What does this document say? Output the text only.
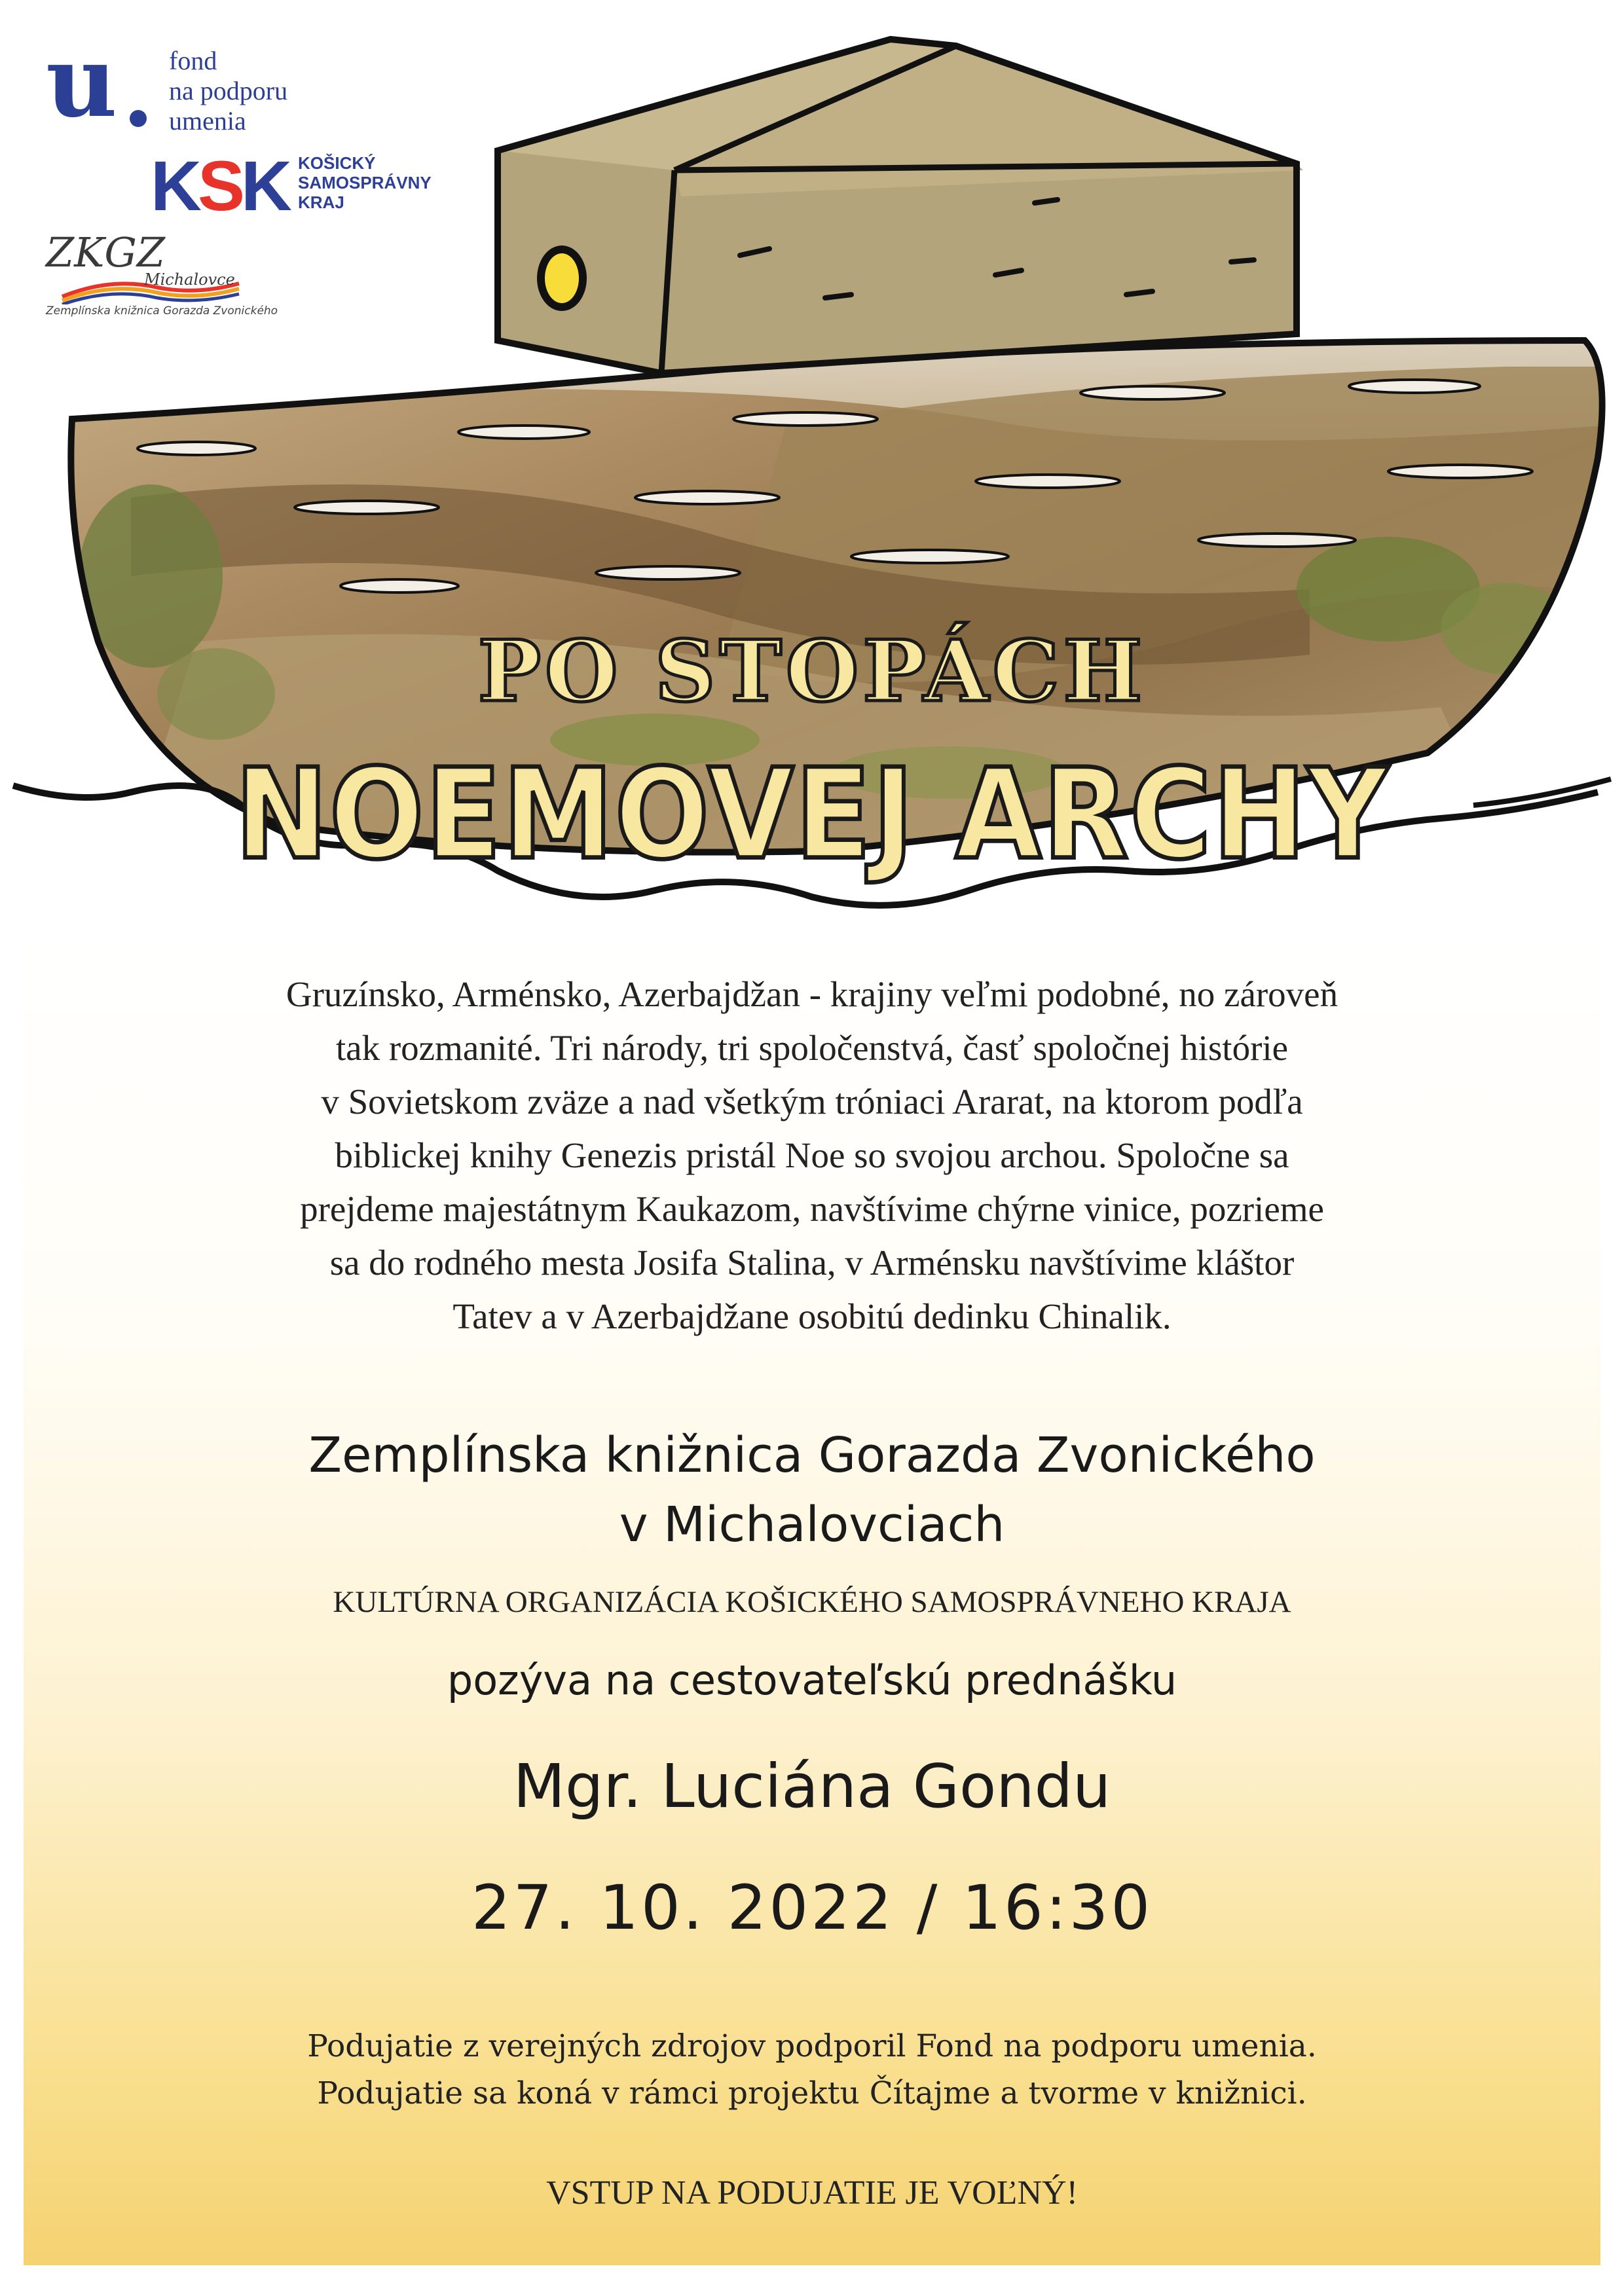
u fond
na podporu
umenia
KSK KOŠICKÝ
SAMOSPRÁVNY
KRAJ
ZKGZ
Michalovce
Zemplínska knižnica Gorazda Zvonického
PO STOPÁCH
NOEMOVEJ ARCHY
Gruzínsko, Arménsko, Azerbajdžan - krajiny veľmi podobné, no zároveň
tak rozmanité. Tri národy, tri spoločenstvá, časť spoločnej histórie
v Sovietskom zväze a nad všetkým tróniaci Ararat, na ktorom podľa
biblickej knihy Genezis pristál Noe so svojou archou. Spoločne sa
prejdeme majestátnym Kaukazom, navštívime chýrne vinice, pozrieme
sa do rodného mesta Josifa Stalina, v Arménsku navštívime kláštor
Tatev a v Azerbajdžane osobitú dedinku Chinalik.
Zemplínska knižnica Gorazda Zvonického
v Michalovciach
KULTÚRNA ORGANIZÁCIA KOŠICKÉHO SAMOSPRÁVNEHO KRAJA
pozýva na cestovateľskú prednášku
Mgr. Luciána Gondu
27. 10. 2022 / 16:30
Podujatie z verejných zdrojov podporil Fond na podporu umenia.
Podujatie sa koná v rámci projektu Čítajme a tvorme v knižnici.
VSTUP NA PODUJATIE JE VOĽNÝ!
